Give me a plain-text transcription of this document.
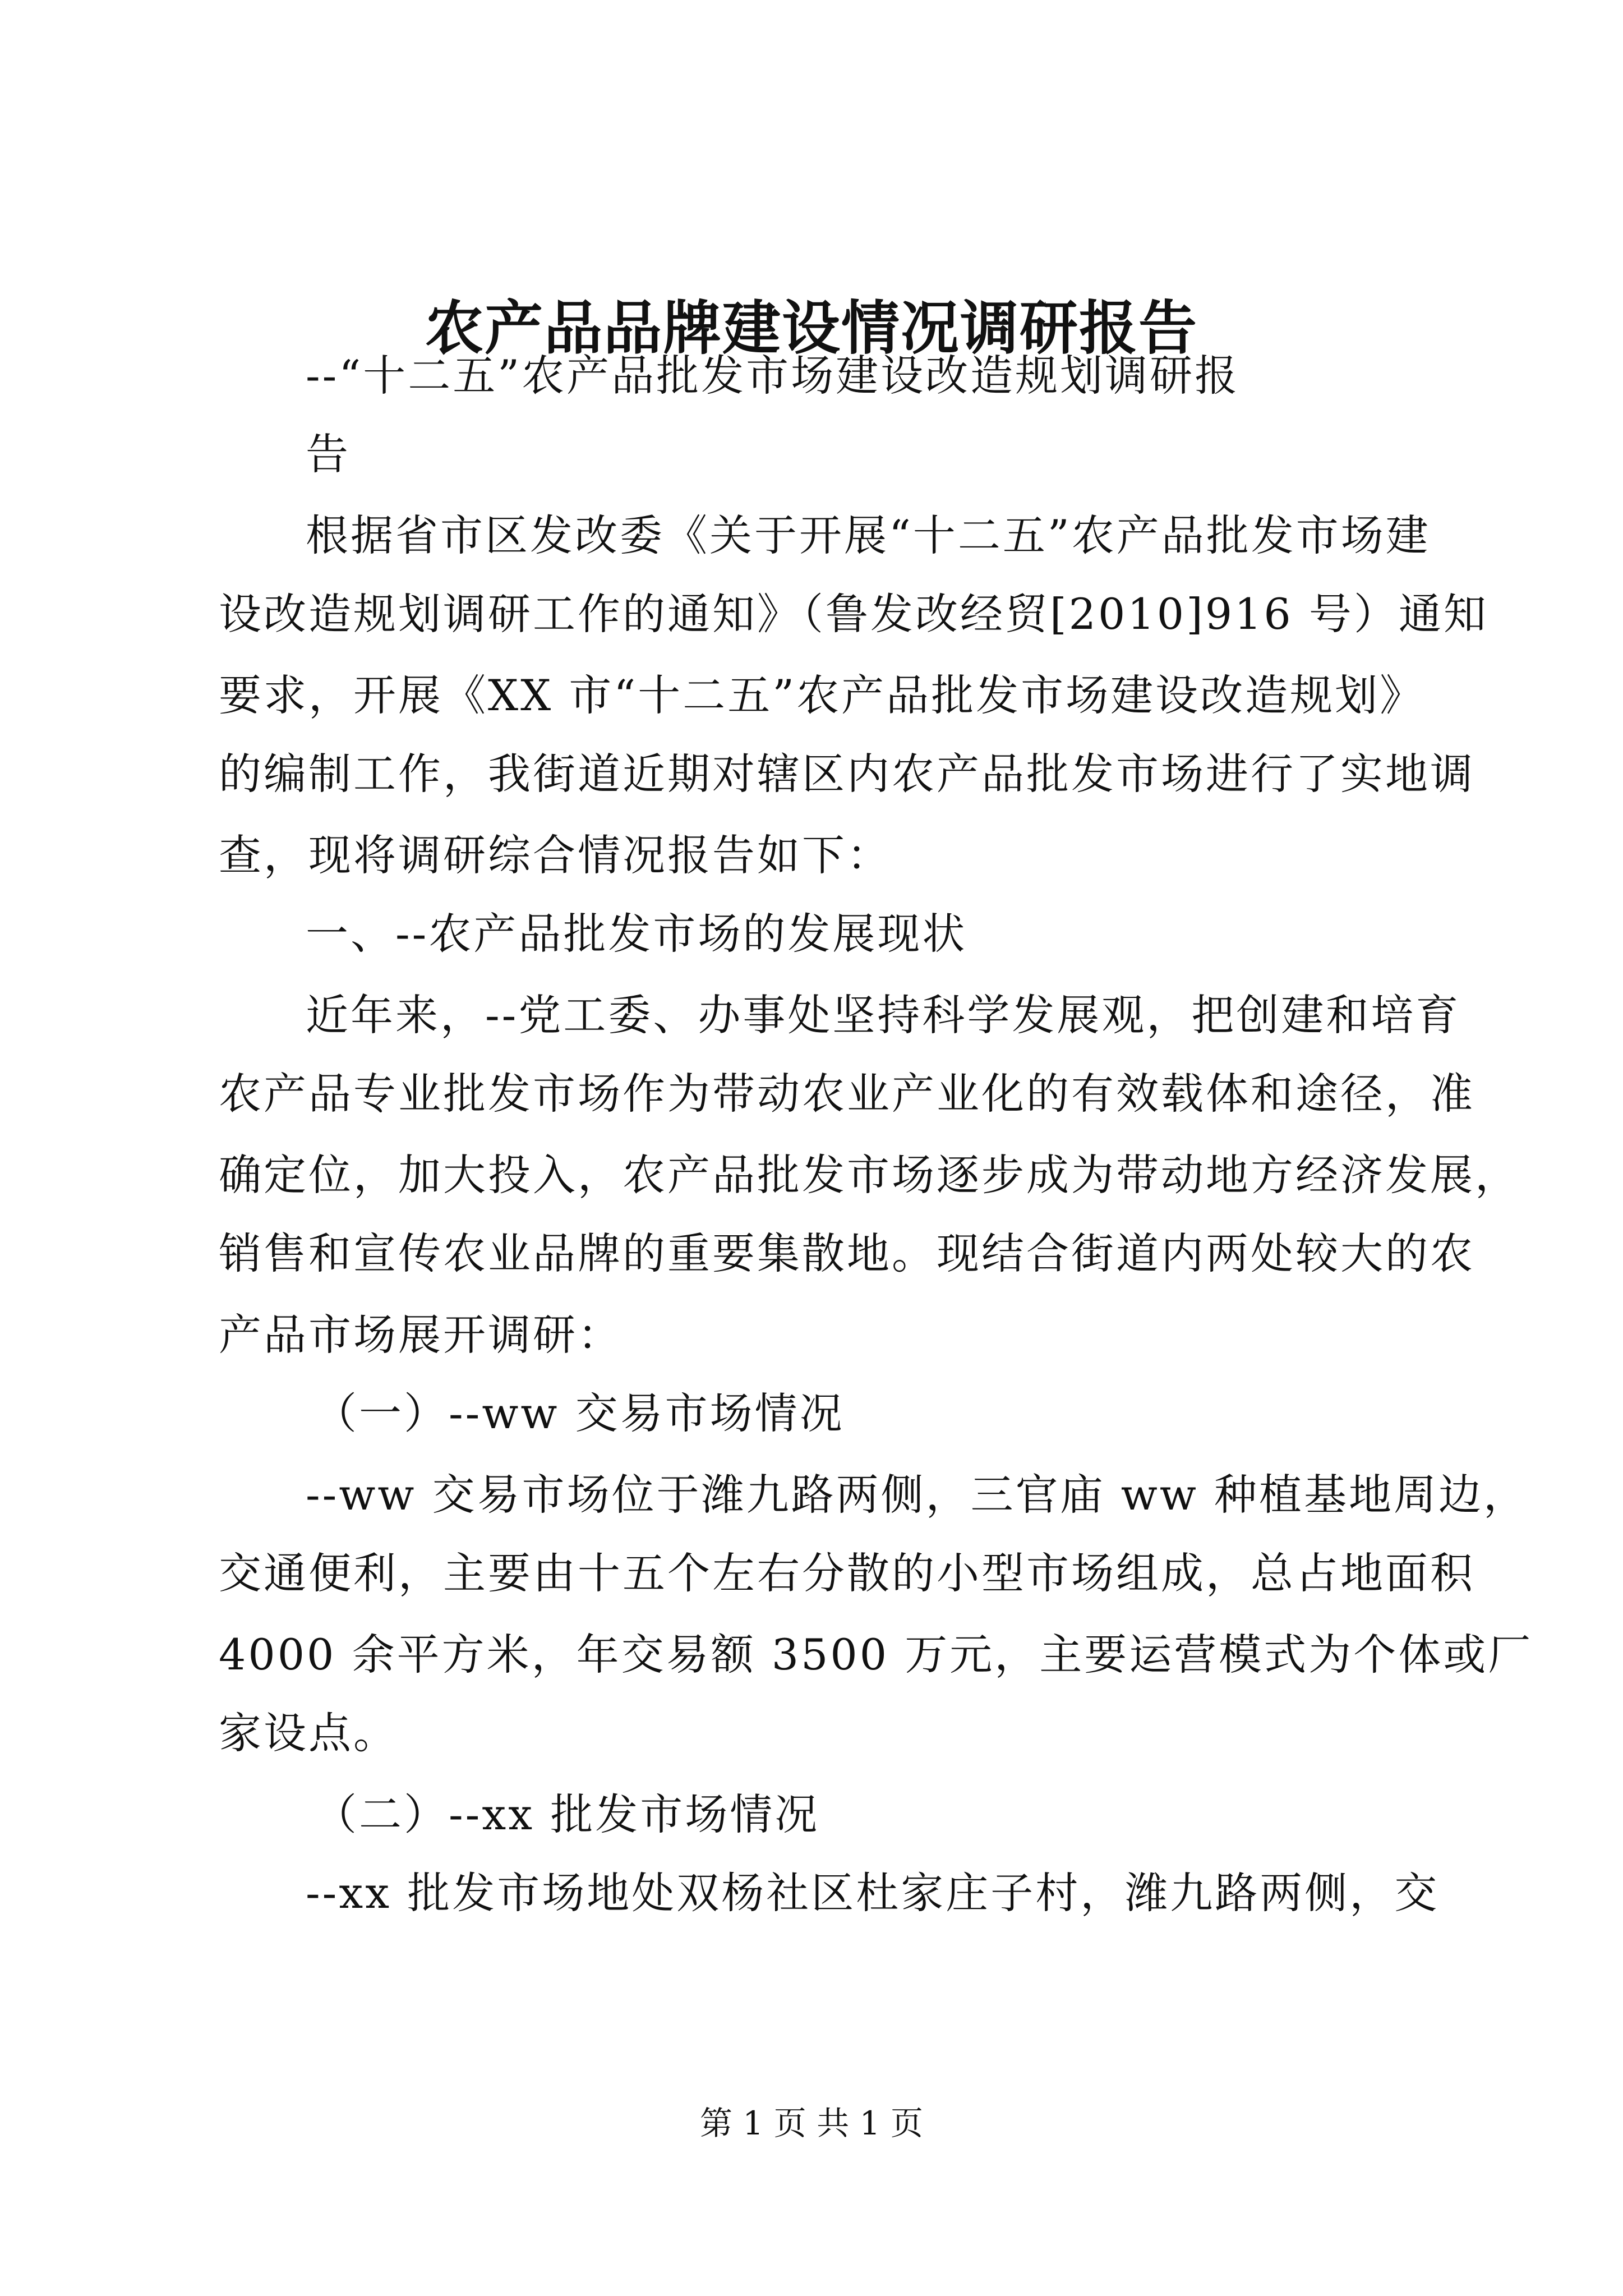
农产品品牌建设情况调研报告
--“十二五”农产品批发市场建设改造规划调研报
告
根据省市区发改委《关于开展“十二五”农产品批发市场建
设改造规划调研工作的通知》（鲁发改经贸[2010]916 号）通知
要求，开展《XX 市“十二五”农产品批发市场建设改造规划》
的编制工作，我街道近期对辖区内农产品批发市场进行了实地调
查，现将调研综合情况报告如下：
一、--农产品批发市场的发展现状
近年来，--党工委、办事处坚持科学发展观，把创建和培育
农产品专业批发市场作为带动农业产业化的有效载体和途径，准
确定位，加大投入，农产品批发市场逐步成为带动地方经济发展，
销售和宣传农业品牌的重要集散地。现结合街道内两处较大的农
产品市场展开调研：
（一）--ww 交易市场情况
--ww 交易市场位于潍九路两侧，三官庙 ww 种植基地周边，
交通便利，主要由十五个左右分散的小型市场组成，总占地面积
4000 余平方米，年交易额 3500 万元，主要运营模式为个体或厂
家设点。
（二）--xx 批发市场情况
--xx 批发市场地处双杨社区杜家庄子村，潍九路两侧，交
第 1 页 共 1 页
